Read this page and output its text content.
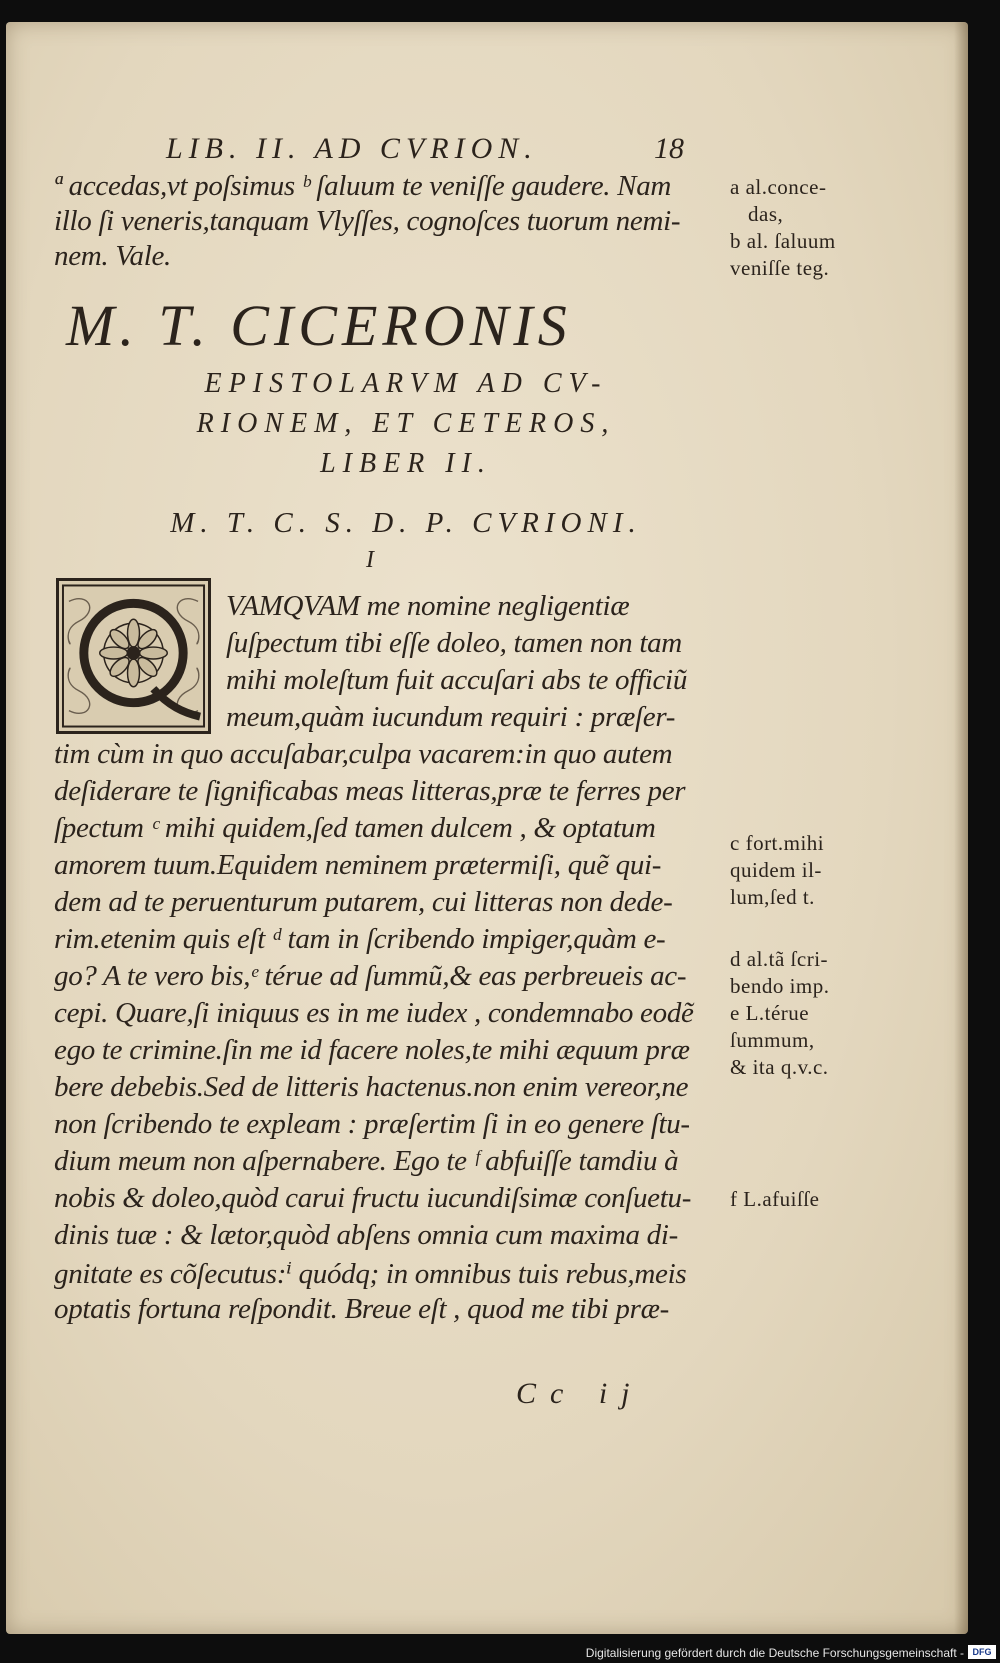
LIB. II. AD CVRION.	18
ª accedas,vt poſsimus ᵇ ſaluum te veniſſe gaudere. Nam
illo ſi veneris,tanquam Vlyſſes, cognoſces tuorum nemi-
nem. Vale.
M. T. CICERONIS
EPISTOLARVM AD CV-
RIONEM, ET CETEROS,
LIBER II.
M. T. C. S. D. P. CVRIONI.
I
Q
VAMQVAM me nomine negligentiæ
ſuſpectum tibi eſſe doleo, tamen non tam
mihi moleſtum fuit accuſari abs te officiũ
meum,quàm iucundum requiri : præſer-
tim cùm in quo accuſabar,culpa vacarem:in quo autem
deſiderare te ſignificabas meas litteras,præ te ferres per
ſpectum ᶜ mihi quidem,ſed tamen dulcem , & optatum
amorem tuum.Equidem neminem prætermiſi, quẽ qui-
dem ad te peruenturum putarem, cui litteras non dede-
rim.etenim quis eſt ᵈ tam in ſcribendo impiger,quàm e-
go? A te vero bis,ᵉ térue ad ſummũ,& eas perbreueis ac-
cepi. Quare,ſi iniquus es in me iudex , condemnabo eodẽ
ego te crimine.ſin me id facere noles,te mihi æquum præ
bere debebis.Sed de litteris hactenus.non enim vereor,ne
non ſcribendo te expleam : præſertim ſi in eo genere ſtu-
dium meum non aſpernabere. Ego te ᶠ abfuiſſe tamdiu à
nobis & doleo,quòd carui fructu iucundiſsimæ conſuetu-
dinis tuæ : & lætor,quòd abſens omnia cum maxima di-
gnitate es cõſecutus:ⁱ quódq; in omnibus tuis rebus,meis
optatis fortuna reſpondit. Breue eſt , quod me tibi præ-
Cc ij
a al.conce-
das,
b al. ſaluum
veniſſe teg.
c fort.mihi
quidem il-
lum,ſed t.
d al.tã ſcri-
bendo imp.
e L.térue
ſummum,
& ita q.v.c.
f L.afuiſſe
Digitalisierung gefördert durch die Deutsche Forschungsgemeinschaft - DFG
